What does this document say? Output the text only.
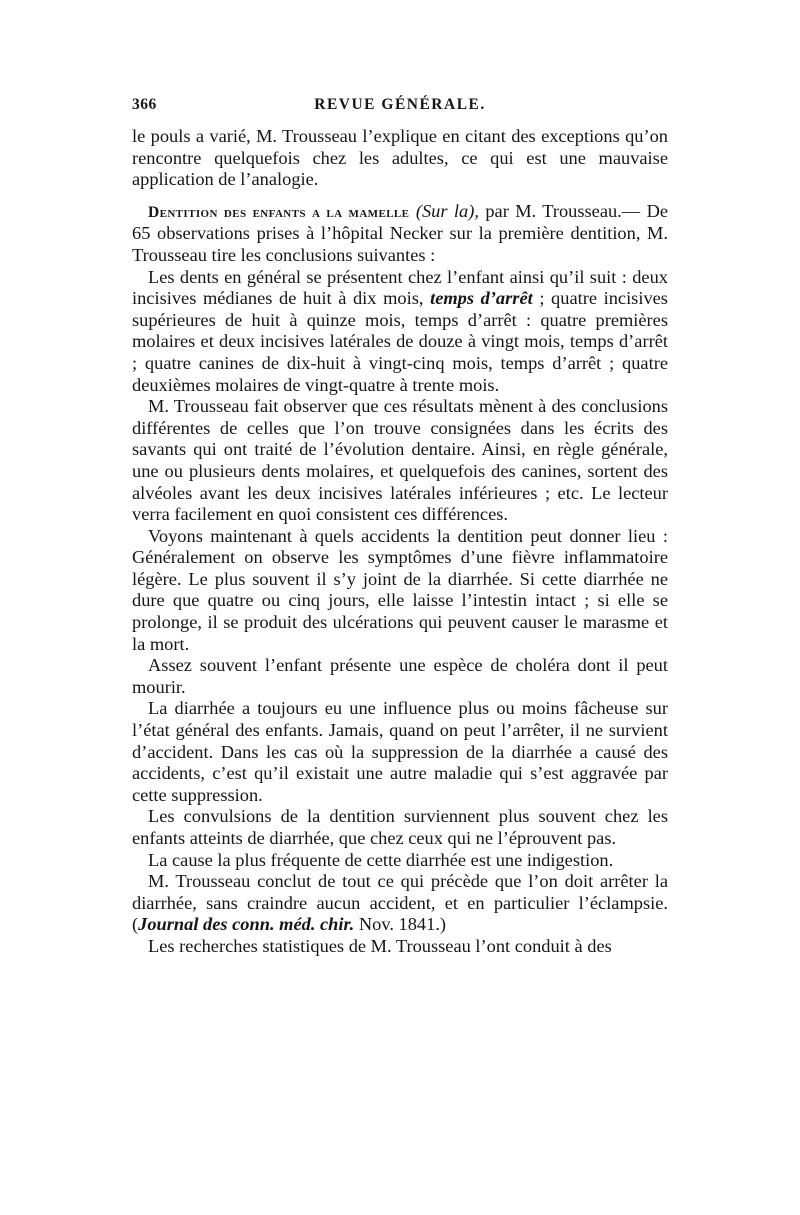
366	REVUE GÉNÉRALE.

le pouls a varié, M. Trousseau l’explique en citant des exceptions qu’on rencontre quelquefois chez les adultes, ce qui est une mauvaise application de l’analogie.

Dentition des enfants a la mamelle (Sur la), par M. Trousseau.— De 65 observations prises à l’hôpital Necker sur la première dentition, M. Trousseau tire les conclusions suivantes :

Les dents en général se présentent chez l’enfant ainsi qu’il suit : deux incisives médianes de huit à dix mois, temps d’arrêt ; quatre incisives supérieures de huit à quinze mois, temps d’arrêt : quatre premières molaires et deux incisives latérales de douze à vingt mois, temps d’arrêt ; quatre canines de dix-huit à vingt-cinq mois, temps d’arrêt ; quatre deuxièmes molaires de vingt-quatre à trente mois.

M. Trousseau fait observer que ces résultats mènent à des conclusions différentes de celles que l’on trouve consignées dans les écrits des savants qui ont traité de l’évolution dentaire. Ainsi, en règle générale, une ou plusieurs dents molaires, et quelquefois des canines, sortent des alvéoles avant les deux incisives latérales inférieures ; etc. Le lecteur verra facilement en quoi consistent ces différences.

Voyons maintenant à quels accidents la dentition peut donner lieu : Généralement on observe les symptômes d’une fièvre inflammatoire légère. Le plus souvent il s’y joint de la diarrhée. Si cette diarrhée ne dure que quatre ou cinq jours, elle laisse l’intestin intact ; si elle se prolonge, il se produit des ulcérations qui peuvent causer le marasme et la mort.

Assez souvent l’enfant présente une espèce de choléra dont il peut mourir.

La diarrhée a toujours eu une influence plus ou moins fâcheuse sur l’état général des enfants. Jamais, quand on peut l’arrêter, il ne survient d’accident. Dans les cas où la suppression de la diarrhée a causé des accidents, c’est qu’il existait une autre maladie qui s’est aggravée par cette suppression.

Les convulsions de la dentition surviennent plus souvent chez les enfants atteints de diarrhée, que chez ceux qui ne l’éprouvent pas.

La cause la plus fréquente de cette diarrhée est une indigestion.

M. Trousseau conclut de tout ce qui précède que l’on doit arrêter la diarrhée, sans craindre aucun accident, et en particulier l’éclampsie. (Journal des conn. méd. chir. Nov. 1841.)

Les recherches statistiques de M. Trousseau l’ont conduit à des
